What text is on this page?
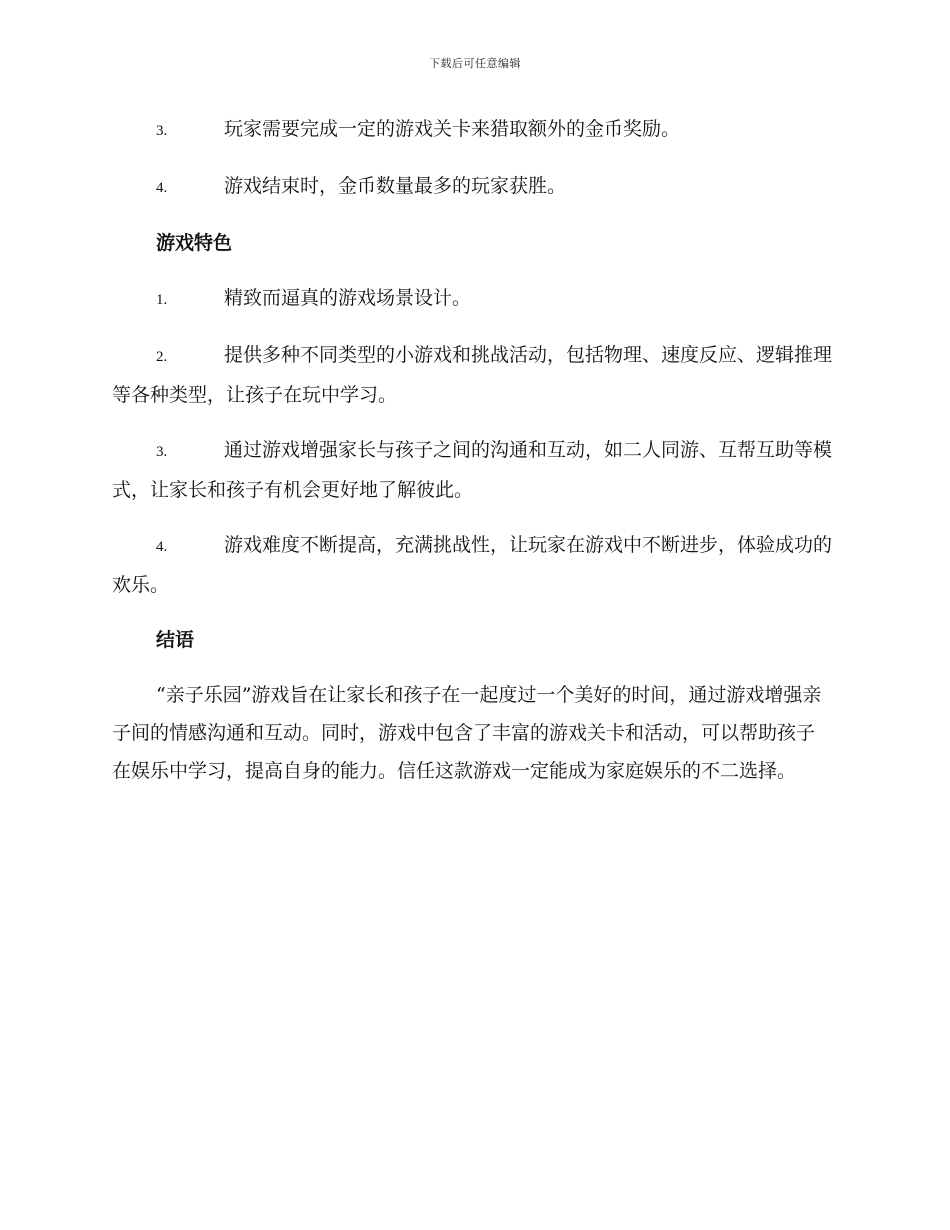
下载后可任意编辑
3.	玩家需要完成一定的游戏关卡来猎取额外的金币奖励。
4.	游戏结束时，金币数量最多的玩家获胜。
游戏特色
1.	精致而逼真的游戏场景设计。
2.	提供多种不同类型的小游戏和挑战活动，包括物理、速度反应、逻辑推理等各种类型，让孩子在玩中学习。
3.	通过游戏增强家长与孩子之间的沟通和互动，如二人同游、互帮互助等模式，让家长和孩子有机会更好地了解彼此。
4.	游戏难度不断提高，充满挑战性，让玩家在游戏中不断进步，体验成功的欢乐。
结语

“亲子乐园”游戏旨在让家长和孩子在一起度过一个美好的时间，通过游戏增强亲子间的情感沟通和互动。同时，游戏中包含了丰富的游戏关卡和活动，可以帮助孩子在娱乐中学习，提高自身的能力。信任这款游戏一定能成为家庭娱乐的不二选择。
